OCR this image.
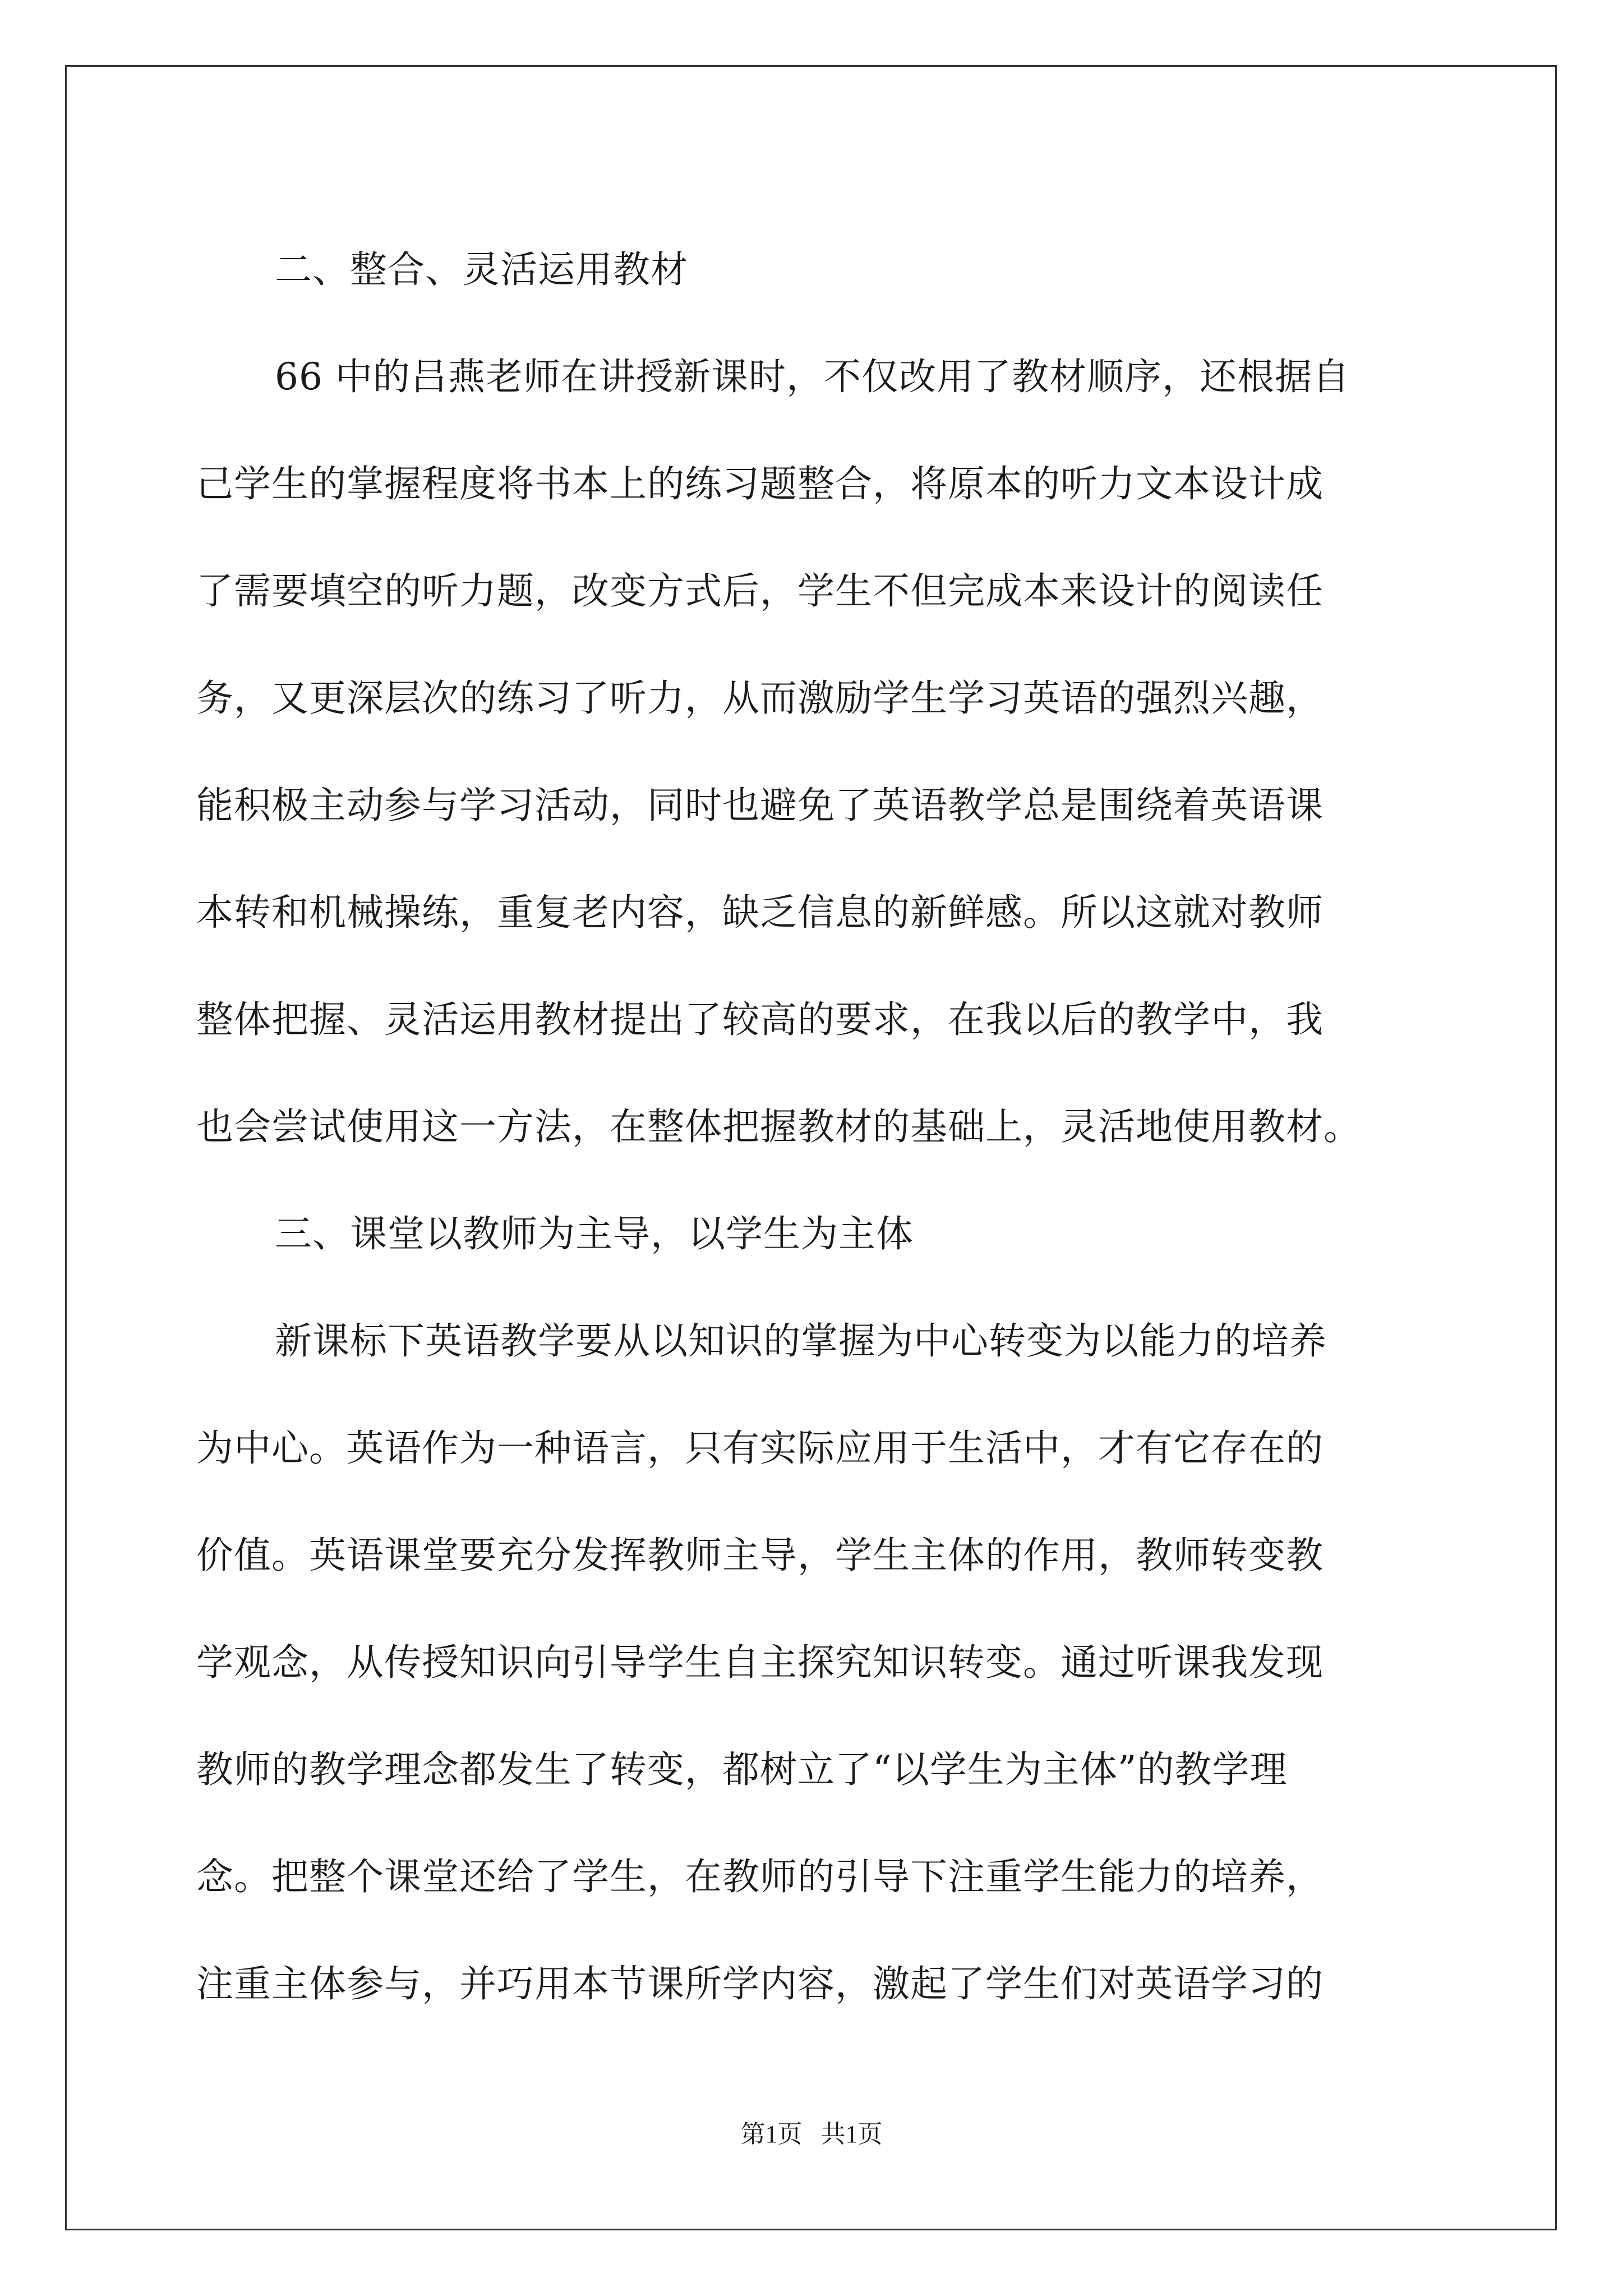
二、整合、灵活运用教材
66 中的吕燕老师在讲授新课时，不仅改用了教材顺序，还根据自
己学生的掌握程度将书本上的练习题整合，将原本的听力文本设计成
了需要填空的听力题，改变方式后，学生不但完成本来设计的阅读任
务，又更深层次的练习了听力，从而激励学生学习英语的强烈兴趣，
能积极主动参与学习活动，同时也避免了英语教学总是围绕着英语课
本转和机械操练，重复老内容，缺乏信息的新鲜感。所以这就对教师
整体把握、灵活运用教材提出了较高的要求，在我以后的教学中，我
也会尝试使用这一方法，在整体把握教材的基础上，灵活地使用教材。
三、课堂以教师为主导，以学生为主体
新课标下英语教学要从以知识的掌握为中心转变为以能力的培养
为中心。英语作为一种语言，只有实际应用于生活中，才有它存在的
价值。英语课堂要充分发挥教师主导，学生主体的作用，教师转变教
学观念，从传授知识向引导学生自主探究知识转变。通过听课我发现
教师的教学理念都发生了转变，都树立了“以学生为主体”的教学理
念。把整个课堂还给了学生，在教师的引导下注重学生能力的培养，
注重主体参与，并巧用本节课所学内容，激起了学生们对英语学习的
第1页 共1页
